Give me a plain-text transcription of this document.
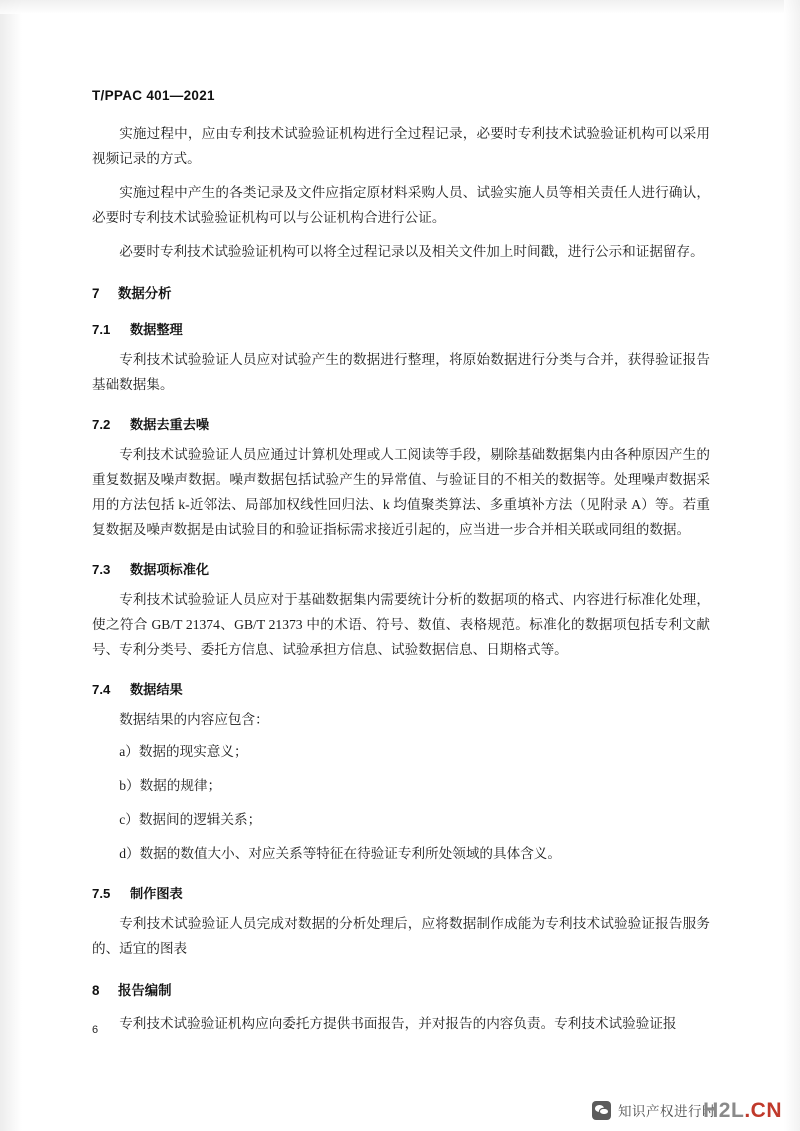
T/PPAC 401—2021

实施过程中，应由专利技术试验验证机构进行全过程记录，必要时专利技术试验验证机构可以采用视频记录的方式。

实施过程中产生的各类记录及文件应指定原材料采购人员、试验实施人员等相关责任人进行确认，必要时专利技术试验验证机构可以与公证机构合进行公证。

必要时专利技术试验验证机构可以将全过程记录以及相关文件加上时间戳，进行公示和证据留存。

7 数据分析
7.1 数据整理

专利技术试验验证人员应对试验产生的数据进行整理，将原始数据进行分类与合并，获得验证报告基础数据集。

7.2 数据去重去噪

专利技术试验验证人员应通过计算机处理或人工阅读等手段，剔除基础数据集内由各种原因产生的重复数据及噪声数据。噪声数据包括试验产生的异常值、与验证目的不相关的数据等。处理噪声数据采用的方法包括 k-近邻法、局部加权线性回归法、k 均值聚类算法、多重填补方法（见附录 A）等。若重复数据及噪声数据是由试验目的和验证指标需求接近引起的，应当进一步合并相关联或同组的数据。

7.3 数据项标准化

专利技术试验验证人员应对于基础数据集内需要统计分析的数据项的格式、内容进行标准化处理，使之符合 GB/T 21374、GB/T 21373 中的术语、符号、数值、表格规范。标准化的数据项包括专利文献号、专利分类号、委托方信息、试验承担方信息、试验数据信息、日期格式等。

7.4 数据结果

数据结果的内容应包含：

a）数据的现实意义；

b）数据的规律；

c）数据间的逻辑关系；

d）数据的数值大小、对应关系等特征在待验证专利所处领域的具体含义。

7.5 制作图表

专利技术试验验证人员完成对数据的分析处理后，应将数据制作成能为专利技术试验验证报告服务的、适宜的图表

8 报告编制

专利技术试验验证机构应向委托方提供书面报告，并对报告的内容负责。专利技术试验验证报

6
知识产权进行时
H2L.CN
